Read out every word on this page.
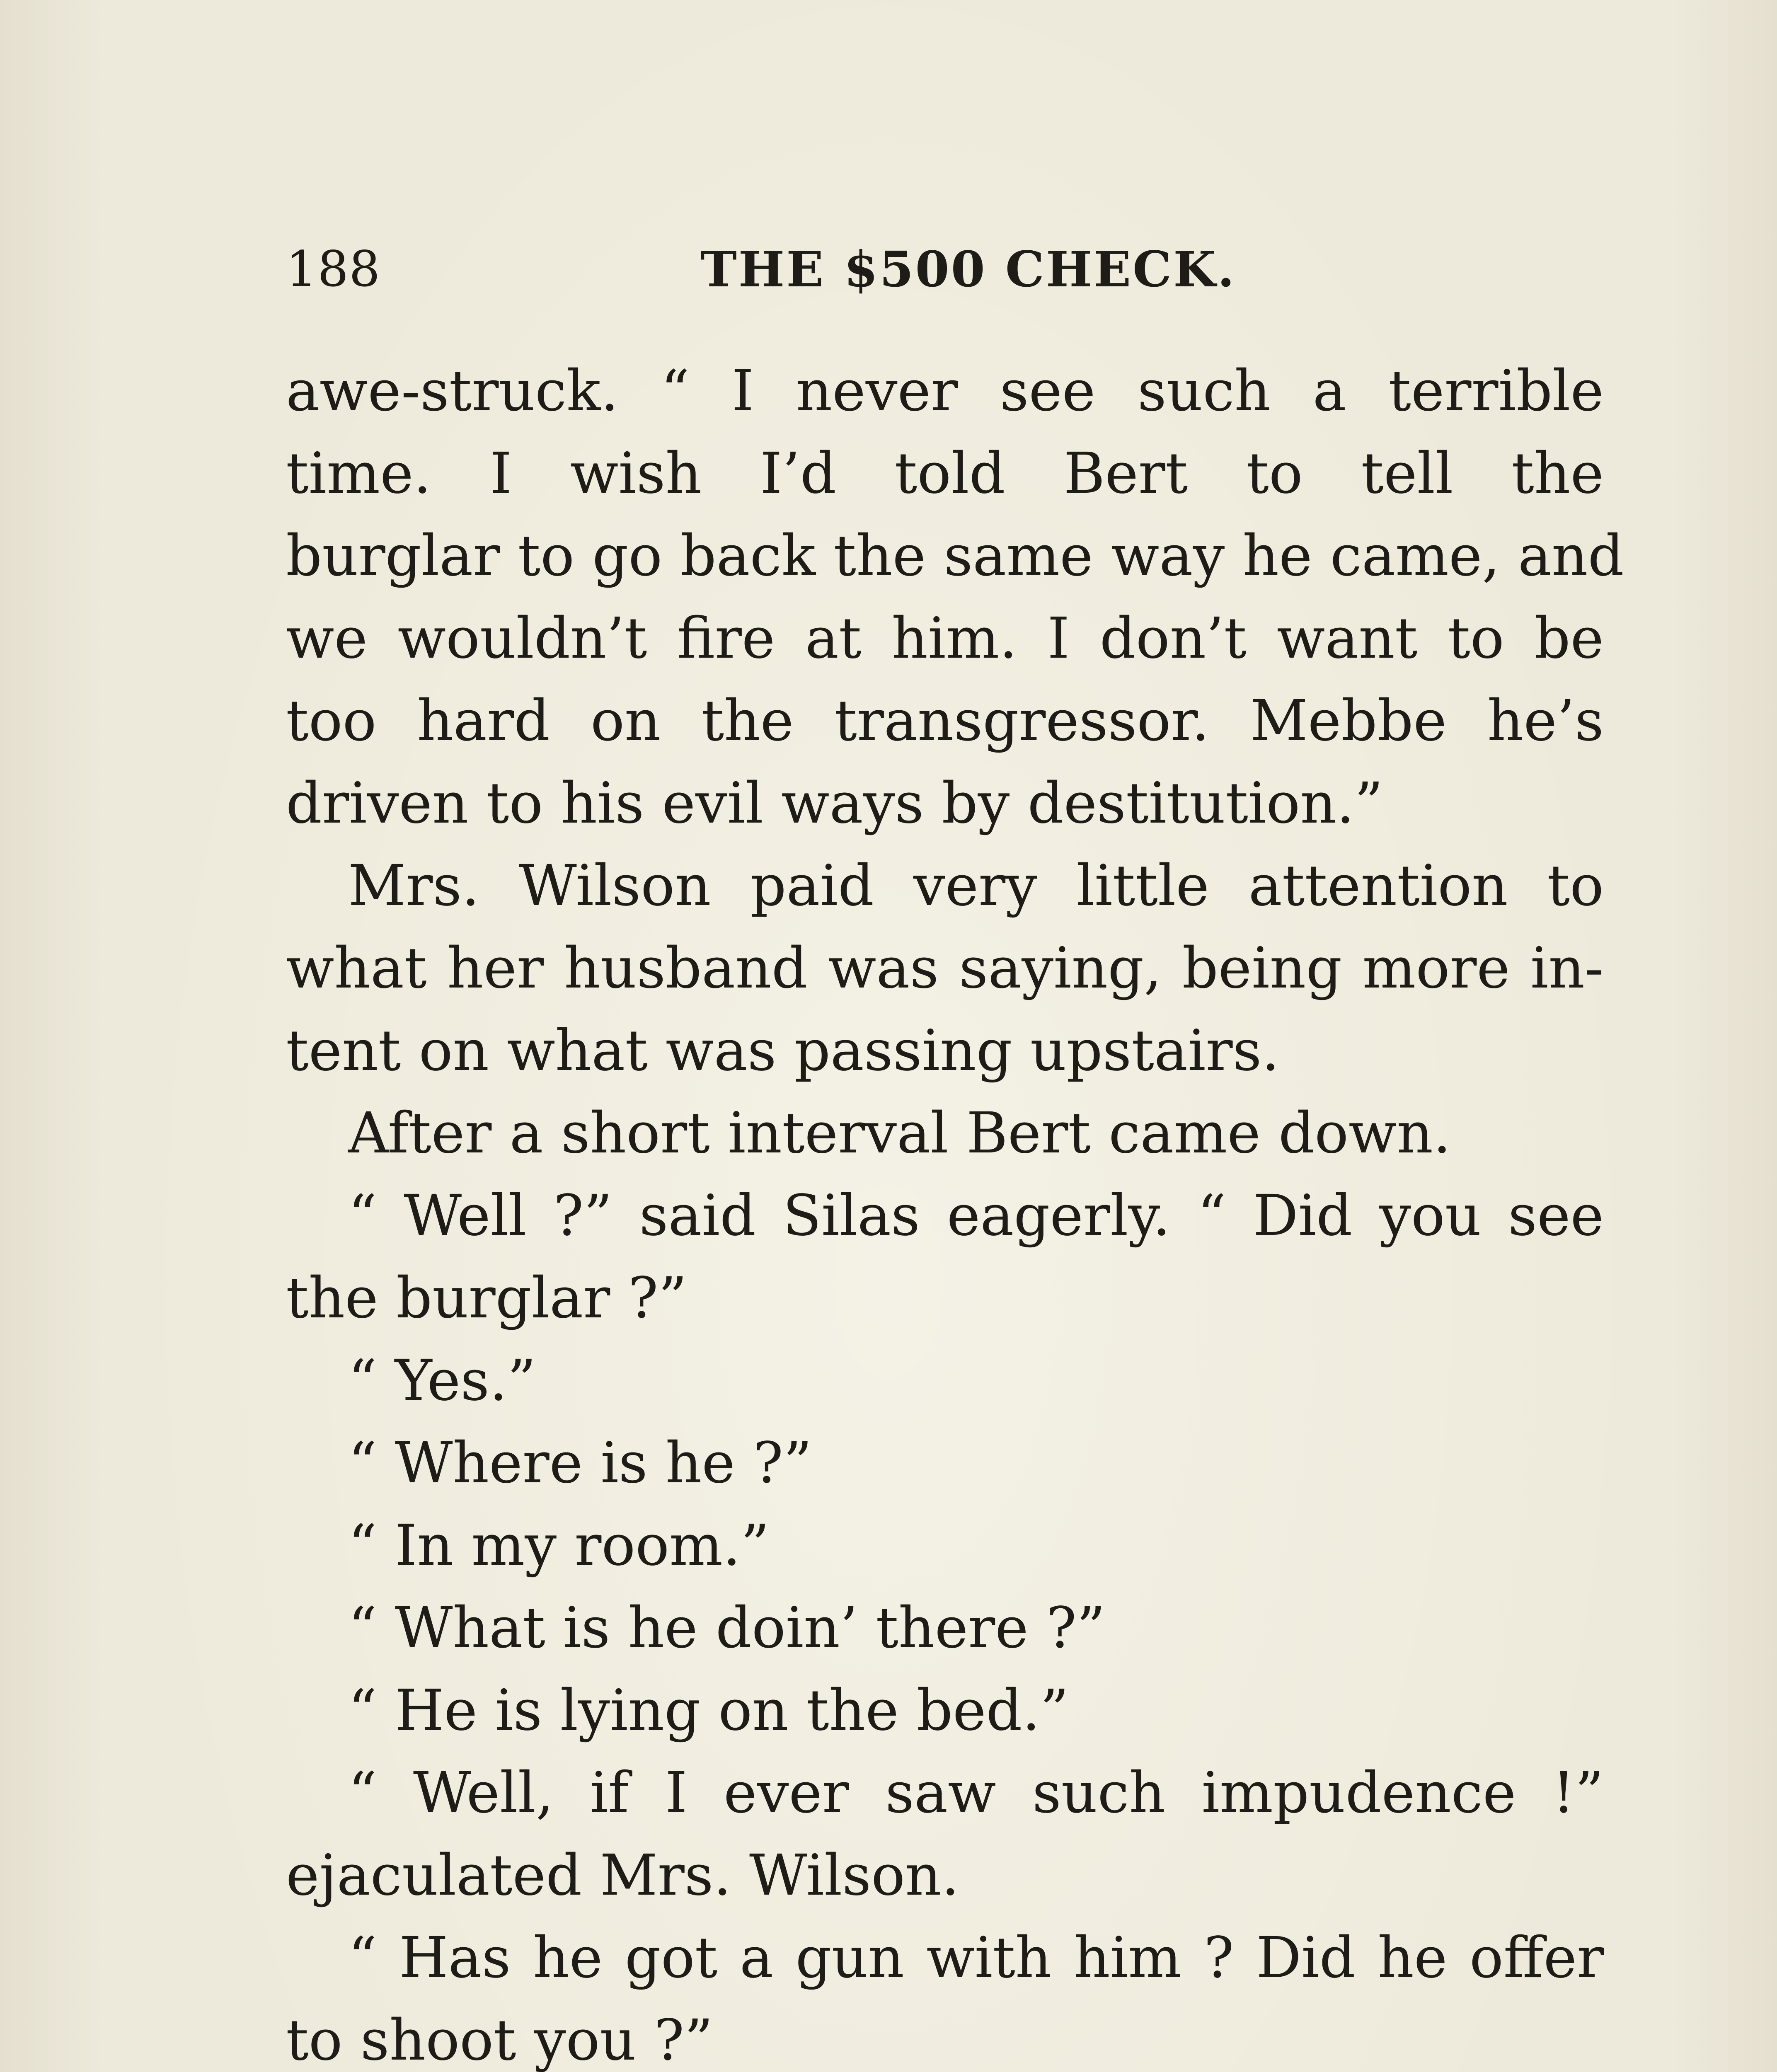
188	THE $500 CHECK.
awe-struck. “ I never see such a terrible
time. I wish I’d told Bert to tell the
burglar to go back the same way he came, and
we wouldn’t fire at him. I don’t want to be
too hard on the transgressor. Mebbe he’s
driven to his evil ways by destitution.”
Mrs. Wilson paid very little attention to
what her husband was saying, being more in-
tent on what was passing upstairs.
After a short interval Bert came down.
“ Well ?” said Silas eagerly. “ Did you see
the burglar ?”
“ Yes.”
“ Where is he ?”
“ In my room.”
“ What is he doin’ there ?”
“ He is lying on the bed.”
“ Well, if I ever saw such impudence !”
ejaculated Mrs. Wilson.
“ Has he got a gun with him ? Did he offer
to shoot you ?”
